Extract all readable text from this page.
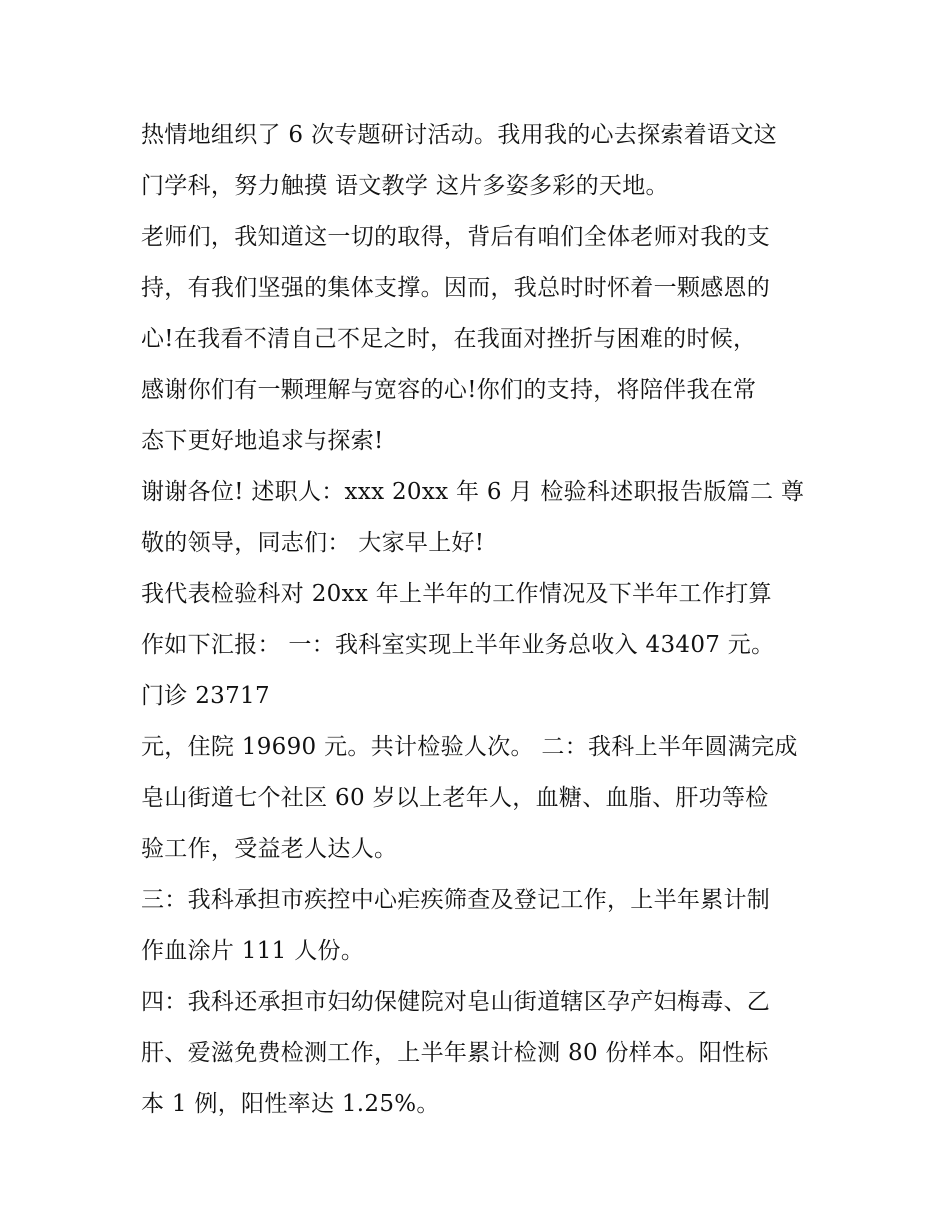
热情地组织了 6 次专题研讨活动。我用我的心去探索着语文这
门学科，努力触摸 语文教学 这片多姿多彩的天地。
老师们，我知道这一切的取得，背后有咱们全体老师对我的支
持，有我们坚强的集体支撑。因而，我总时时怀着一颗感恩的
心!在我看不清自己不足之时，在我面对挫折与困难的时候，
感谢你们有一颗理解与宽容的心!你们的支持，将陪伴我在常
态下更好地追求与探索!
谢谢各位! 述职人：xxx 20xx 年 6 月 检验科述职报告版篇二 尊
敬的领导，同志们： 大家早上好!
我代表检验科对 20xx 年上半年的工作情况及下半年工作打算
作如下汇报： 一：我科室实现上半年业务总收入 43407 元。
门诊 23717
元，住院 19690 元。共计检验人次。 二：我科上半年圆满完成
皂山街道七个社区 60 岁以上老年人，血糖、血脂、肝功等检
验工作，受益老人达人。
三：我科承担市疾控中心疟疾筛查及登记工作，上半年累计制
作血涂片 111 人份。
四：我科还承担市妇幼保健院对皂山街道辖区孕产妇梅毒、乙
肝、爱滋免费检测工作，上半年累计检测 80 份样本。阳性标
本 1 例，阳性率达 1.25%。
